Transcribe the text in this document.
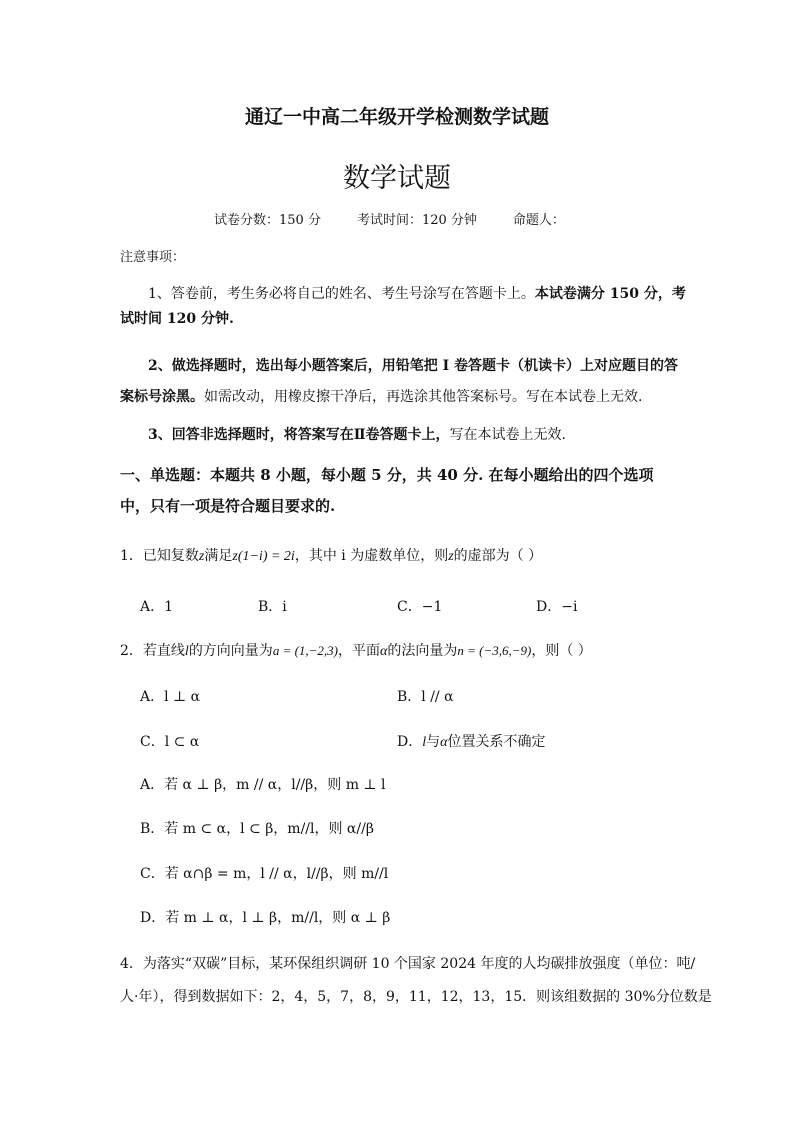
通辽一中高二年级开学检测数学试题
数学试题
试卷分数：150 分	考试时间：120 分钟	命题人：
注意事项：
1、答卷前，考生务必将自己的姓名、考生号涂写在答题卡上。本试卷满分 150 分，考
试时间 120 分钟.
2、做选择题时，选出每小题答案后，用铅笔把 I 卷答题卡（机读卡）上对应题目的答
案标号涂黑。如需改动，用橡皮擦干净后，再选涂其他答案标号。写在本试卷上无效.
3、回答非选择题时，将答案写在Ⅱ卷答题卡上，写在本试卷上无效.
一、单选题：本题共 8 小题，每小题 5 分，共 40 分. 在每小题给出的四个选项
中，只有一项是符合题目要求的.
1．已知复数z满足z(1−i) = 2i，其中 i 为虚数单位，则z的虚部为（ ）
A．1	B．i	C．−1	D．−i
2．若直线l的方向向量为a = (1,−2,3)，平面α的法向量为n = (−3,6,−9)，则（ ）
A．l ⊥ α	B．l // α
C．l ⊂ α	D．l与α位置关系不确定
A．若 α ⊥ β，m // α，l//β，则 m ⊥ l
B．若 m ⊂ α，l ⊂ β，m//l，则 α//β
C．若 α∩β = m，l // α，l//β，则 m//l
D．若 m ⊥ α，l ⊥ β，m//l，则 α ⊥ β
4．为落实“双碳”目标，某环保组织调研 10 个国家 2024 年度的人均碳排放强度（单位：吨/
人·年），得到数据如下：2，4，5，7，8，9，11，12，13，15．则该组数据的 30%分位数是
